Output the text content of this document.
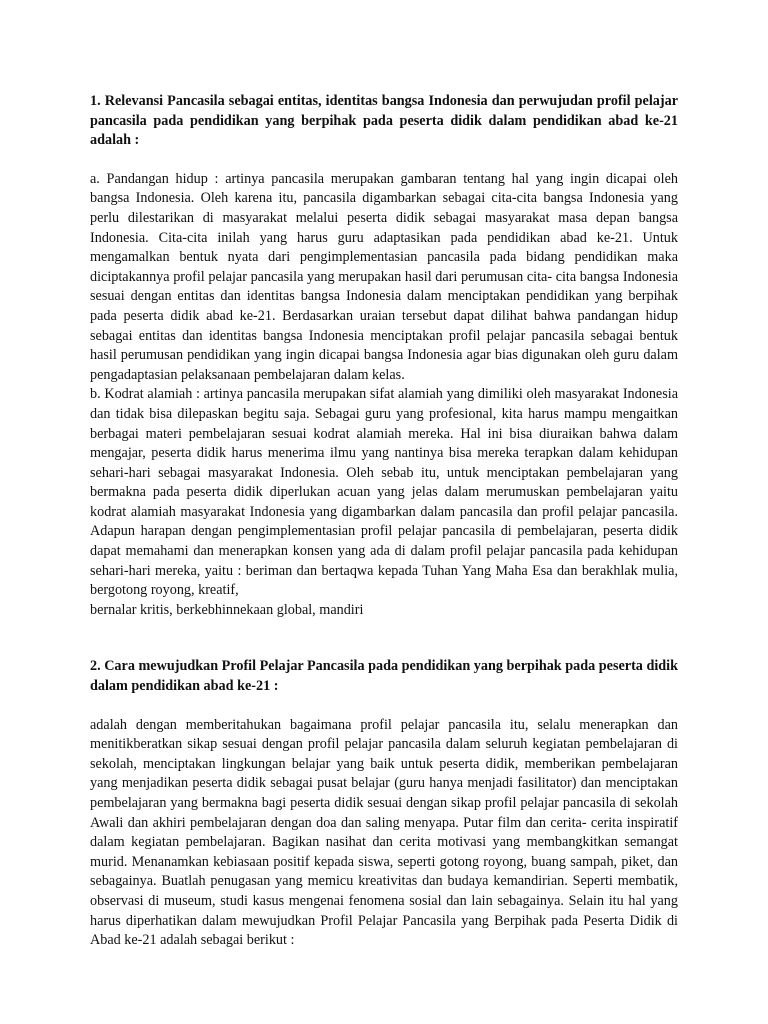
1. Relevansi Pancasila sebagai entitas, identitas bangsa Indonesia dan perwujudan profil pelajar pancasila pada pendidikan yang berpihak pada peserta didik dalam pendidikan abad ke-21 adalah :

a. Pandangan hidup : artinya pancasila merupakan gambaran tentang hal yang ingin dicapai oleh bangsa Indonesia. Oleh karena itu, pancasila digambarkan sebagai cita-cita bangsa Indonesia yang perlu dilestarikan di masyarakat melalui peserta didik sebagai masyarakat masa depan bangsa Indonesia. Cita-cita inilah yang harus guru adaptasikan pada pendidikan abad ke-21. Untuk mengamalkan bentuk nyata dari pengimplementasian pancasila pada bidang pendidikan maka diciptakannya profil pelajar pancasila yang merupakan hasil dari perumusan cita- cita bangsa Indonesia sesuai dengan entitas dan identitas bangsa Indonesia dalam menciptakan pendidikan yang berpihak pada peserta didik abad ke-21. Berdasarkan uraian tersebut dapat dilihat bahwa pandangan hidup sebagai entitas dan identitas bangsa Indonesia menciptakan profil pelajar pancasila sebagai bentuk hasil perumusan pendidikan yang ingin dicapai bangsa Indonesia agar bias digunakan oleh guru dalam pengadaptasian pelaksanaan pembelajaran dalam kelas.

b. Kodrat alamiah : artinya pancasila merupakan sifat alamiah yang dimiliki oleh masyarakat Indonesia dan tidak bisa dilepaskan begitu saja. Sebagai guru yang profesional, kita harus mampu mengaitkan berbagai materi pembelajaran sesuai kodrat alamiah mereka. Hal ini bisa diuraikan bahwa dalam mengajar, peserta didik harus menerima ilmu yang nantinya bisa mereka terapkan dalam kehidupan sehari-hari sebagai masyarakat Indonesia. Oleh sebab itu, untuk menciptakan pembelajaran yang bermakna pada peserta didik diperlukan acuan yang jelas dalam merumuskan pembelajaran yaitu kodrat alamiah masyarakat Indonesia yang digambarkan dalam pancasila dan profil pelajar pancasila. Adapun harapan dengan pengimplementasian profil pelajar pancasila di pembelajaran, peserta didik dapat memahami dan menerapkan konsen yang ada di dalam profil pelajar pancasila pada kehidupan sehari-hari mereka, yaitu : beriman dan bertaqwa kepada Tuhan Yang Maha Esa dan berakhlak mulia, bergotong royong, kreatif,

bernalar kritis, berkebhinnekaan global, mandiri

2. Cara mewujudkan Profil Pelajar Pancasila pada pendidikan yang berpihak pada peserta didik dalam pendidikan abad ke-21 :

adalah dengan memberitahukan bagaimana profil pelajar pancasila itu, selalu menerapkan dan menitikberatkan sikap sesuai dengan profil pelajar pancasila dalam seluruh kegiatan pembelajaran di sekolah, menciptakan lingkungan belajar yang baik untuk peserta didik, memberikan pembelajaran yang menjadikan peserta didik sebagai pusat belajar (guru hanya menjadi fasilitator) dan menciptakan pembelajaran yang bermakna bagi peserta didik sesuai dengan sikap profil pelajar pancasila di sekolah Awali dan akhiri pembelajaran dengan doa dan saling menyapa. Putar film dan cerita- cerita inspiratif dalam kegiatan pembelajaran. Bagikan nasihat dan cerita motivasi yang membangkitkan semangat murid. Menanamkan kebiasaan positif kepada siswa, seperti gotong royong, buang sampah, piket, dan sebagainya. Buatlah penugasan yang memicu kreativitas dan budaya kemandirian. Seperti membatik, observasi di museum, studi kasus mengenai fenomena sosial dan lain sebagainya. Selain itu hal yang harus diperhatikan dalam mewujudkan Profil Pelajar Pancasila yang Berpihak pada Peserta Didik di Abad ke-21 adalah sebagai berikut :
